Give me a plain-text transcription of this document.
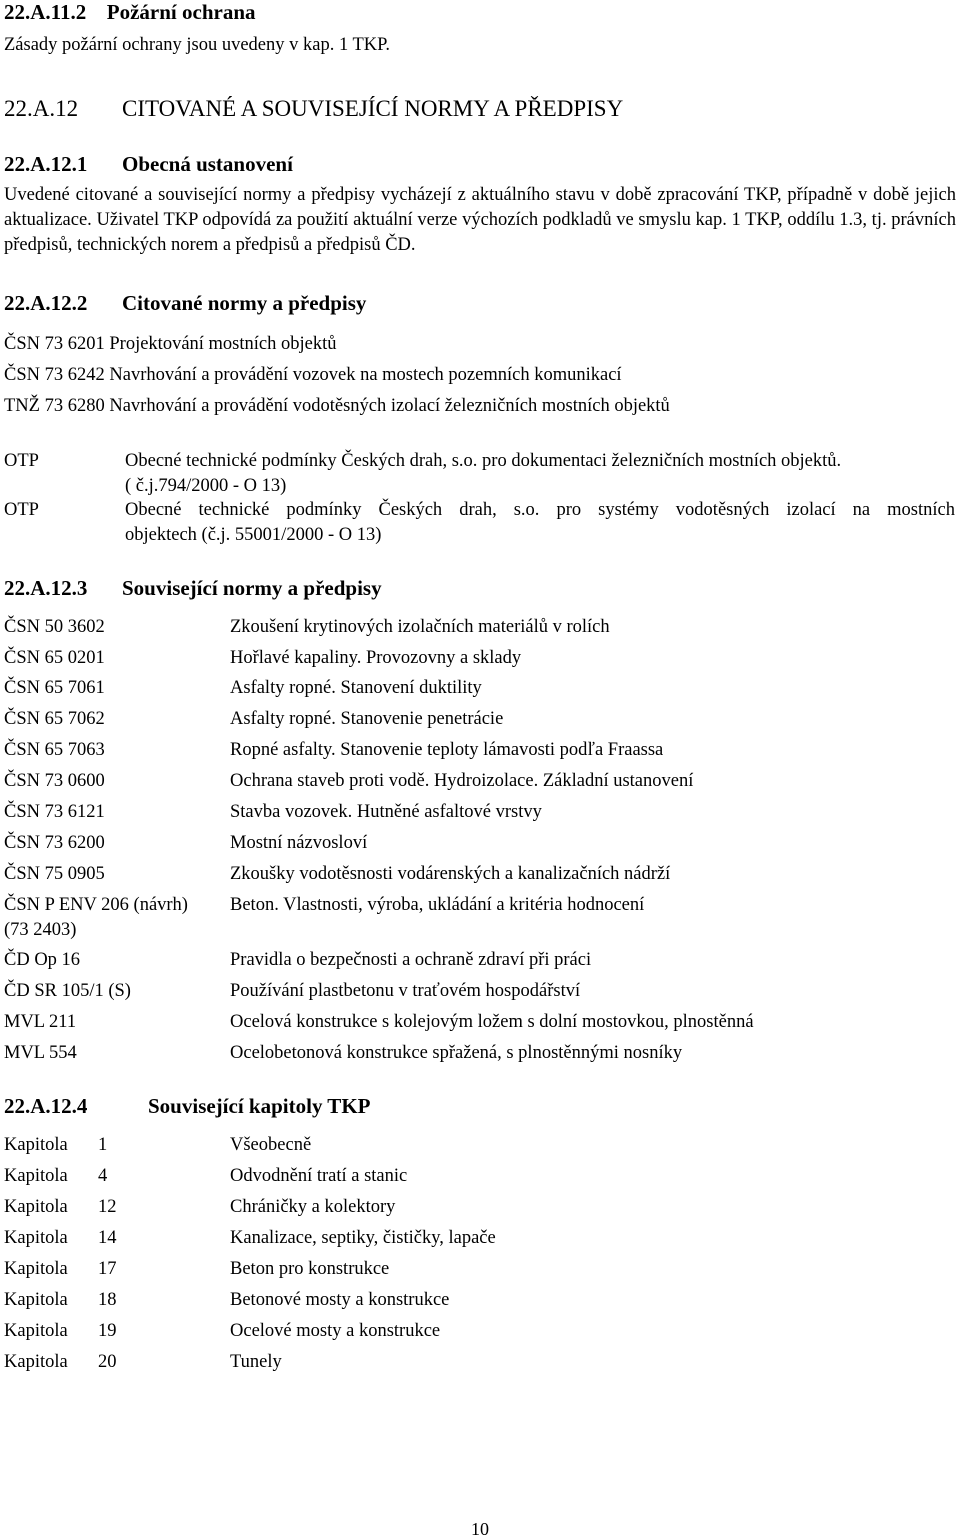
22.A.11.2 Požární ochrana
Zásady požární ochrany jsou uvedeny v kap. 1 TKP.
22.A.12 CITOVANÉ A SOUVISEJÍCÍ NORMY A PŘEDPISY
22.A.12.1 Obecná ustanovení
Uvedené citované a související normy a předpisy vycházejí z aktuálního stavu v době zpracování TKP, případně v době jejich aktualizace. Uživatel TKP odpovídá za použití aktuální verze výchozích podkladů ve smyslu kap. 1 TKP, oddílu 1.3, tj. právních předpisů, technických norem a předpisů a předpisů ČD.
22.A.12.2 Citované normy a předpisy
ČSN 73 6201 Projektování mostních objektů
ČSN 73 6242 Navrhování a provádění vozovek na mostech pozemních komunikací
TNŽ 73 6280 Navrhování a provádění vodotěsných izolací železničních mostních objektů
OTP	Obecné technické podmínky Českých drah, s.o. pro dokumentaci železničních mostních objektů.
( č.j.794/2000 - O 13)
OTP	Obecné technické podmínky Českých drah, s.o. pro systémy vodotěsných izolací na mostních
objektech (č.j. 55001/2000 - O 13)
22.A.12.3 Související normy a předpisy
ČSN 50 3602	Zkoušení krytinových izolačních materiálů v rolích
ČSN 65 0201	Hořlavé kapaliny. Provozovny a sklady
ČSN 65 7061	Asfalty ropné. Stanovení duktility
ČSN 65 7062	Asfalty ropné. Stanovenie penetrácie
ČSN 65 7063	Ropné asfalty. Stanovenie teploty lámavosti podľa Fraassa
ČSN 73 0600	Ochrana staveb proti vodě. Hydroizolace. Základní ustanovení
ČSN 73 6121	Stavba vozovek. Hutněné asfaltové vrstvy
ČSN 73 6200	Mostní názvosloví
ČSN 75 0905	Zkoušky vodotěsnosti vodárenských a kanalizačních nádrží
ČSN P ENV 206 (návrh) Beton. Vlastnosti, výroba, ukládání a kritéria hodnocení
(73 2403)
ČD Op 16	Pravidla o bezpečnosti a ochraně zdraví při práci
ČD SR 105/1 (S)	Používání plastbetonu v traťovém hospodářství
MVL 211	Ocelová konstrukce s kolejovým ložem s dolní mostovkou, plnostěnná
MVL 554	Ocelobetonová konstrukce spřažená, s plnostěnnými nosníky
22.A.12.4	Související kapitoly TKP
Kapitola 1	Všeobecně
Kapitola 4	Odvodnění tratí a stanic
Kapitola 12	Chráničky a kolektory
Kapitola 14	Kanalizace, septiky, čističky, lapače
Kapitola 17	Beton pro konstrukce
Kapitola 18	Betonové mosty a konstrukce
Kapitola 19	Ocelové mosty a konstrukce
Kapitola 20	Tunely
10
